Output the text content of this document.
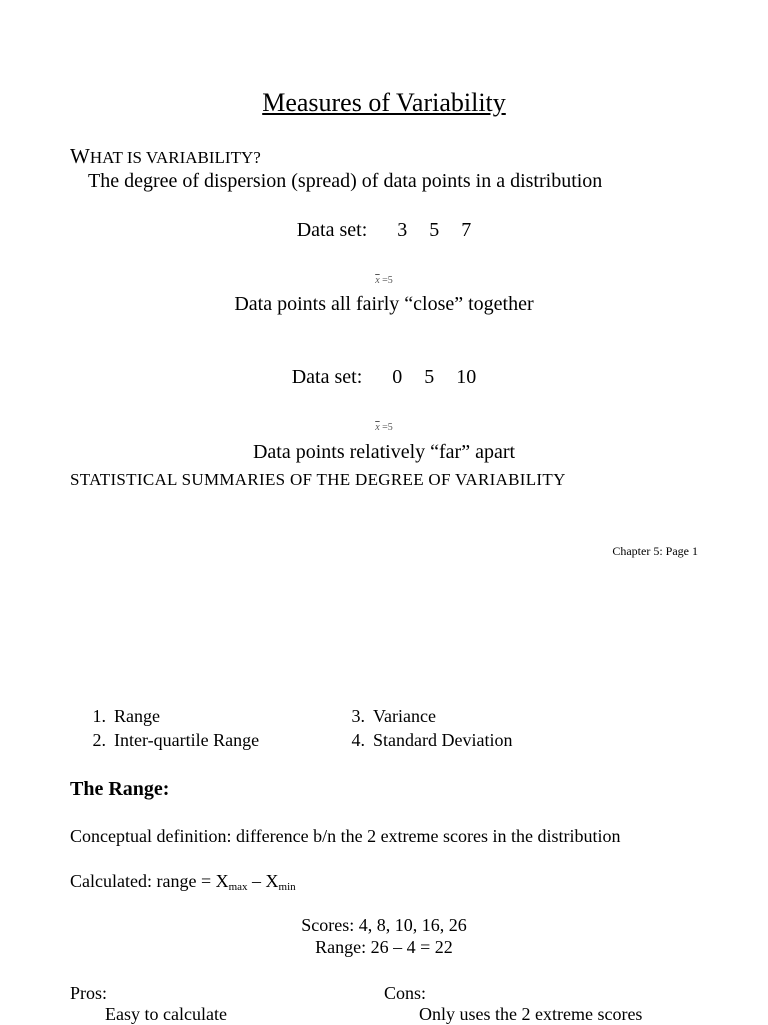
Measures of Variability
WHAT IS VARIABILITY?
The degree of dispersion (spread) of data points in a distribution
Data set: 3 5 7
$\overline{x} =5$
Data points all fairly “close” together
Data set: 0 5 10
$\overline{x} =5$
Data points relatively “far” apart
STATISTICAL SUMMARIES OF THE DEGREE OF VARIABILITY
Chapter 5: Page 1
1. Range
2. Inter-quartile Range
3. Variance
4. Standard Deviation
The Range:
Conceptual definition: difference b/n the 2 extreme scores in the distribution
Calculated: range = $X_{max} - X_{min}$
Scores: 4, 8, 10, 16, 26
Range: 26 – 4 = 22
Pros:
Easy to calculate
Cons:
Only uses the 2 extreme scores
